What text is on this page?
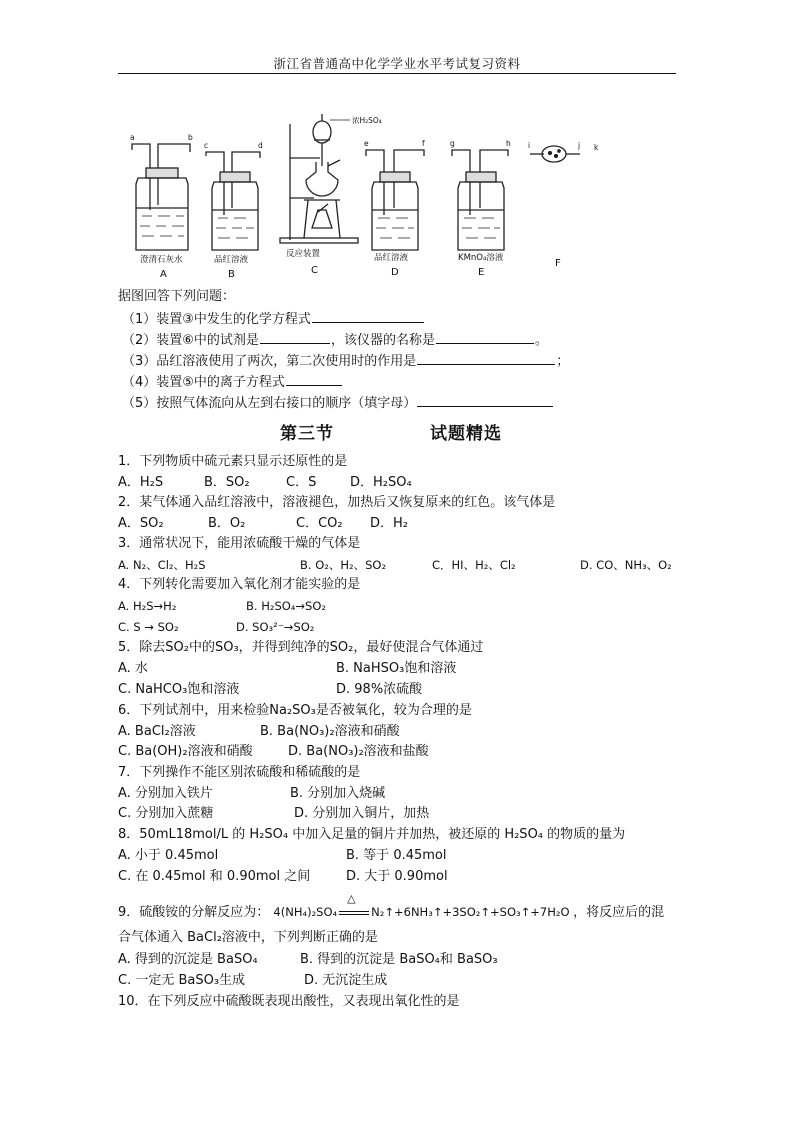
浙江省普通高中化学学业水平考试复习资料
a	b
c	d	e	f	g	h i	j k
浓H₂SO₄
澄清石灰水	品红溶液
反应装置	品红溶液	KMnO₄溶液
A	B	C	D	E
F
据图回答下列问题：
（1）装置③中发生的化学方程式
（2）装置⑥中的试剂是	，该仪器的名称是	。
（3）品红溶液使用了两次，第二次使用时的作用是	；
（4）装置⑤中的离子方程式
（5）按照气体流向从左到右接口的顺序（填字母）
第三节	试题精选
1．下列物质中硫元素只显示还原性的是
A．H₂S	B．SO₂	C．S	D．H₂SO₄
2．某气体通入品红溶液中，溶液褪色，加热后又恢复原来的红色。该气体是
A．SO₂	B．O₂	C．CO₂ D．H₂
3．通常状况下，能用浓硫酸干燥的气体是
A. N₂、Cl₂、H₂S	B. O₂、H₂、SO₂	C．HI、H₂、Cl₂	D. CO、NH₃、O₂
4．下列转化需要加入氧化剂才能实验的是
A. H₂S→H₂	B. H₂SO₄→SO₂
C. S → SO₂	D. SO₃²⁻→SO₂
5．除去SO₂中的SO₃，并得到纯净的SO₂，最好使混合气体通过
A. 水	B. NaHSO₃饱和溶液
C. NaHCO₃饱和溶液	D. 98%浓硫酸
6．下列试剂中，用来检验Na₂SO₃是否被氧化，较为合理的是
A. BaCl₂溶液	B. Ba(NO₃)₂溶液和硝酸
C. Ba(OH)₂溶液和硝酸	D. Ba(NO₃)₂溶液和盐酸
7．下列操作不能区别浓硫酸和稀硫酸的是
A. 分别加入铁片	B. 分别加入烧碱
C. 分别加入蔗糖	D. 分别加入铜片，加热
8．50mL18mol/L 的 H₂SO₄ 中加入足量的铜片并加热，被还原的 H₂SO₄ 的物质的量为
A. 小于 0.45mol	B. 等于 0.45mol
C. 在 0.45mol 和 0.90mol 之间	D. 大于 0.90mol
9．硫酸铵的分解反应为： 4(NH₄)₂SO₄
△
N₂↑+6NH₃↑+3SO₂↑+SO₃↑+7H₂O ，将反应后的混
合气体通入 BaCl₂溶液中，下列判断正确的是
A. 得到的沉淀是 BaSO₄	B. 得到的沉淀是 BaSO₄和 BaSO₃
C. 一定无 BaSO₃生成	D. 无沉淀生成
10．在下列反应中硫酸既表现出酸性，又表现出氧化性的是
